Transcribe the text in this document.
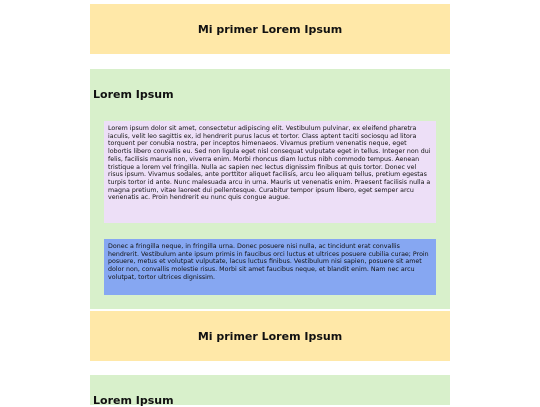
Mi primer Lorem Ipsum
Lorem Ipsum
Lorem ipsum dolor sit amet, consectetur adipiscing elit. Vestibulum pulvinar, ex eleifend pharetra iaculis, velit leo sagittis ex, id hendrerit purus lacus et tortor. Class aptent taciti sociosqu ad litora torquent per conubia nostra, per inceptos himenaeos. Vivamus pretium venenatis neque, eget lobortis libero convallis eu. Sed non ligula eget nisl consequat vulputate eget in tellus. Integer non dui felis, facilisis mauris non, viverra enim. Morbi rhoncus diam luctus nibh commodo tempus. Aenean tristique a lorem vel fringilla. Nulla ac sapien nec lectus dignissim finibus at quis tortor. Donec vel risus ipsum. Vivamus sodales, ante porttitor aliquet facilisis, arcu leo aliquam tellus, pretium egestas turpis tortor id ante. Nunc malesuada arcu in urna. Mauris ut venenatis enim. Praesent facilisis nulla a magna pretium, vitae laoreet dui pellentesque. Curabitur tempor ipsum libero, eget semper arcu venenatis ac. Proin hendrerit eu nunc quis congue augue.
Donec a fringilla neque, in fringilla urna. Donec posuere nisi nulla, ac tincidunt erat convallis hendrerit. Vestibulum ante ipsum primis in faucibus orci luctus et ultrices posuere cubilia curae; Proin posuere, metus et volutpat vulputate, lacus luctus finibus. Vestibulum nisi sapien, posuere sit amet dolor non, convallis molestie risus. Morbi sit amet faucibus neque, et blandit enim. Nam nec arcu volutpat, tortor ultrices dignissim.
Mi primer Lorem Ipsum
Lorem Ipsum
